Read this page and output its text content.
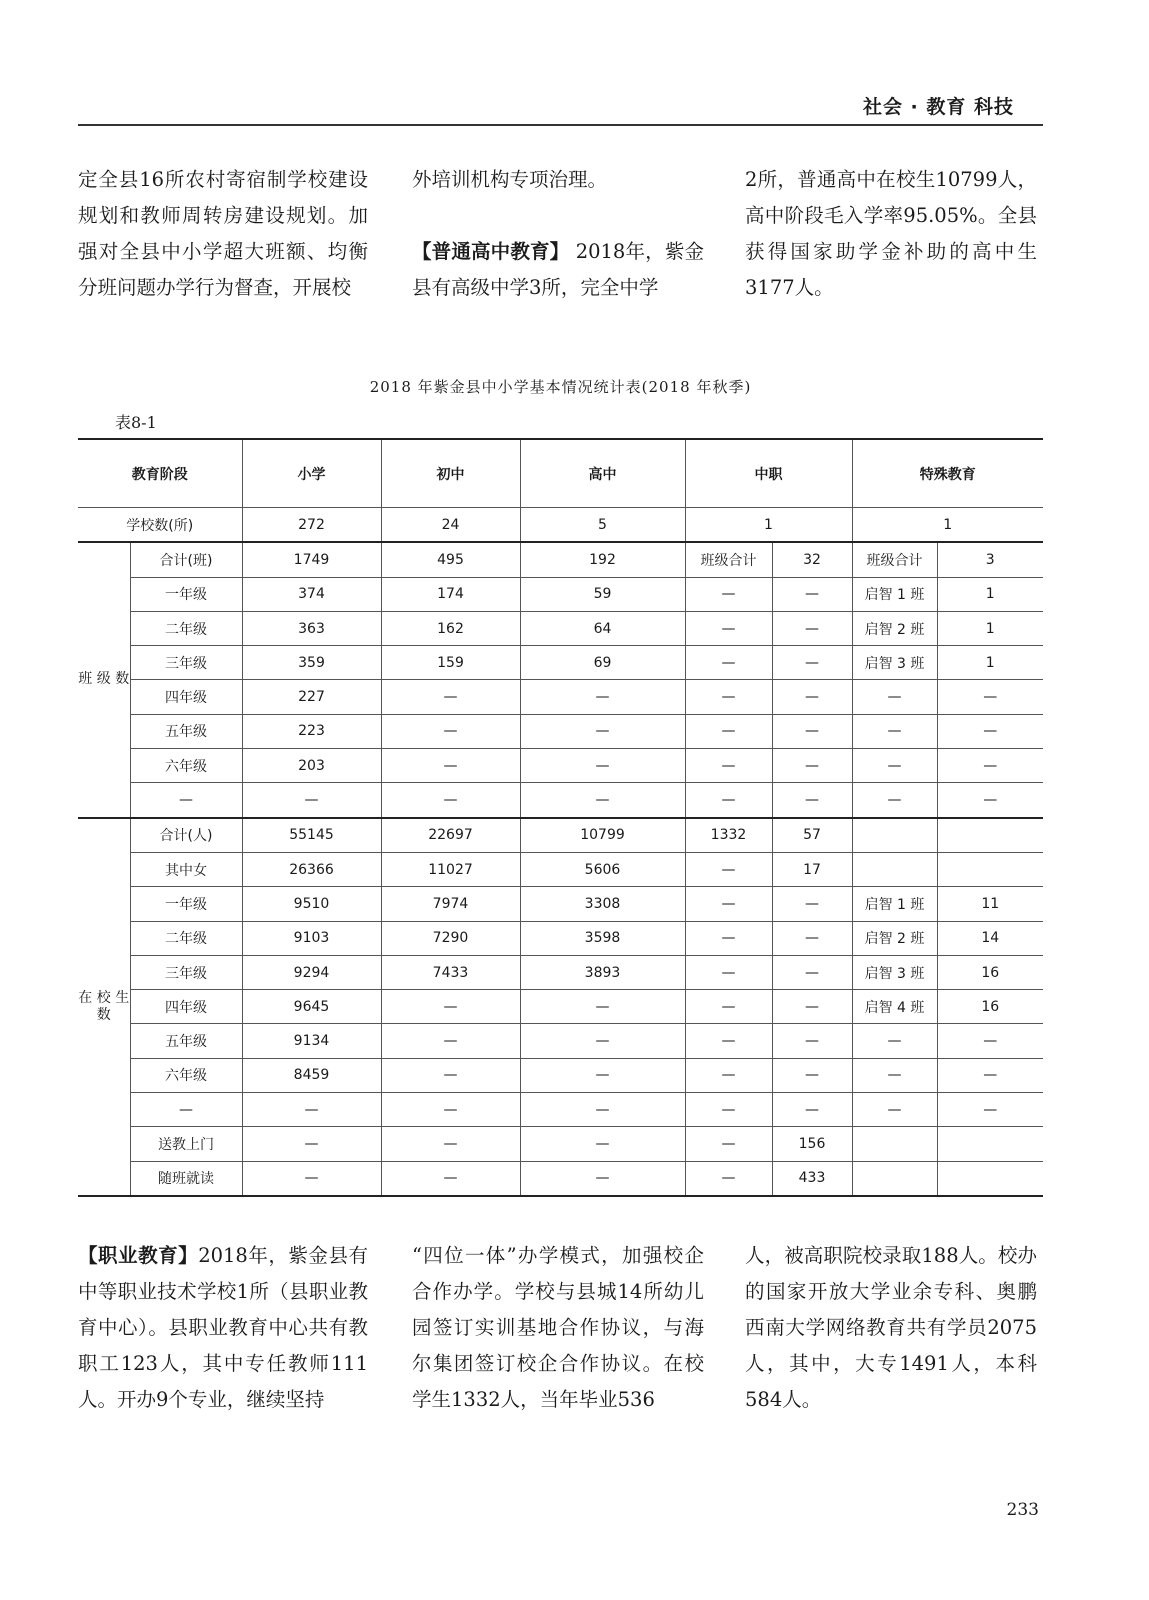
社会 · 教育 科技

定全县16所农村寄宿制学校建设规划和教师周转房建设规划。加强对全县中小学超大班额、均衡分班问题办学行为督查，开展校

外培训机构专项治理。

【普通高中教育】 2018年，紫金县有高级中学3所，完全中学

2所，普通高中在校生10799人，高中阶段毛入学率95.05%。全县获得国家助学金补助的高中生3177人。

2018 年紫金县中小学基本情况统计表(2018 年秋季)
表8-1
教育阶段		小学	初中	高中	中职		特殊教育	
学校数(所)		272	24	5	1		1	
班 级 数	合计(班)	1749	495	192	班级合计	32	班级合计	3
	一年级	374	174	59	—	—	启智 1 班	1
	二年级	363	162	64	—	—	启智 2 班	1
	三年级	359	159	69	—	—	启智 3 班	1
	四年级	227	—	—	—	—	—	—
	五年级	223	—	—	—	—	—	—
	六年级	203	—	—	—	—	—	—
	—	—	—	—	—	—	—	—
在 校 生 数	合计(人)	55145	22697	10799	1332	57		
	其中女	26366	11027	5606	—	17		
	一年级	9510	7974	3308	—	—	启智 1 班	11
	二年级	9103	7290	3598	—	—	启智 2 班	14
	三年级	9294	7433	3893	—	—	启智 3 班	16
	四年级	9645	—	—	—	—	启智 4 班	16
	五年级	9134	—	—	—	—	—	—
	六年级	8459	—	—	—	—	—	—
	—	—	—	—	—	—	—	—
	送教上门	—	—	—	—	156		
	随班就读	—	—	—	—	433		

【职业教育】2018年，紫金县有中等职业技术学校1所（县职业教育中心）。县职业教育中心共有教职工123人，其中专任教师111人。开办9个专业，继续坚持

“四位一体”办学模式，加强校企合作办学。学校与县城14所幼儿园签订实训基地合作协议，与海尔集团签订校企合作协议。在校学生1332人，当年毕业536

人，被高职院校录取188人。校办的国家开放大学业余专科、奥鹏西南大学网络教育共有学员2075人，其中，大专1491人，本科584人。

233
